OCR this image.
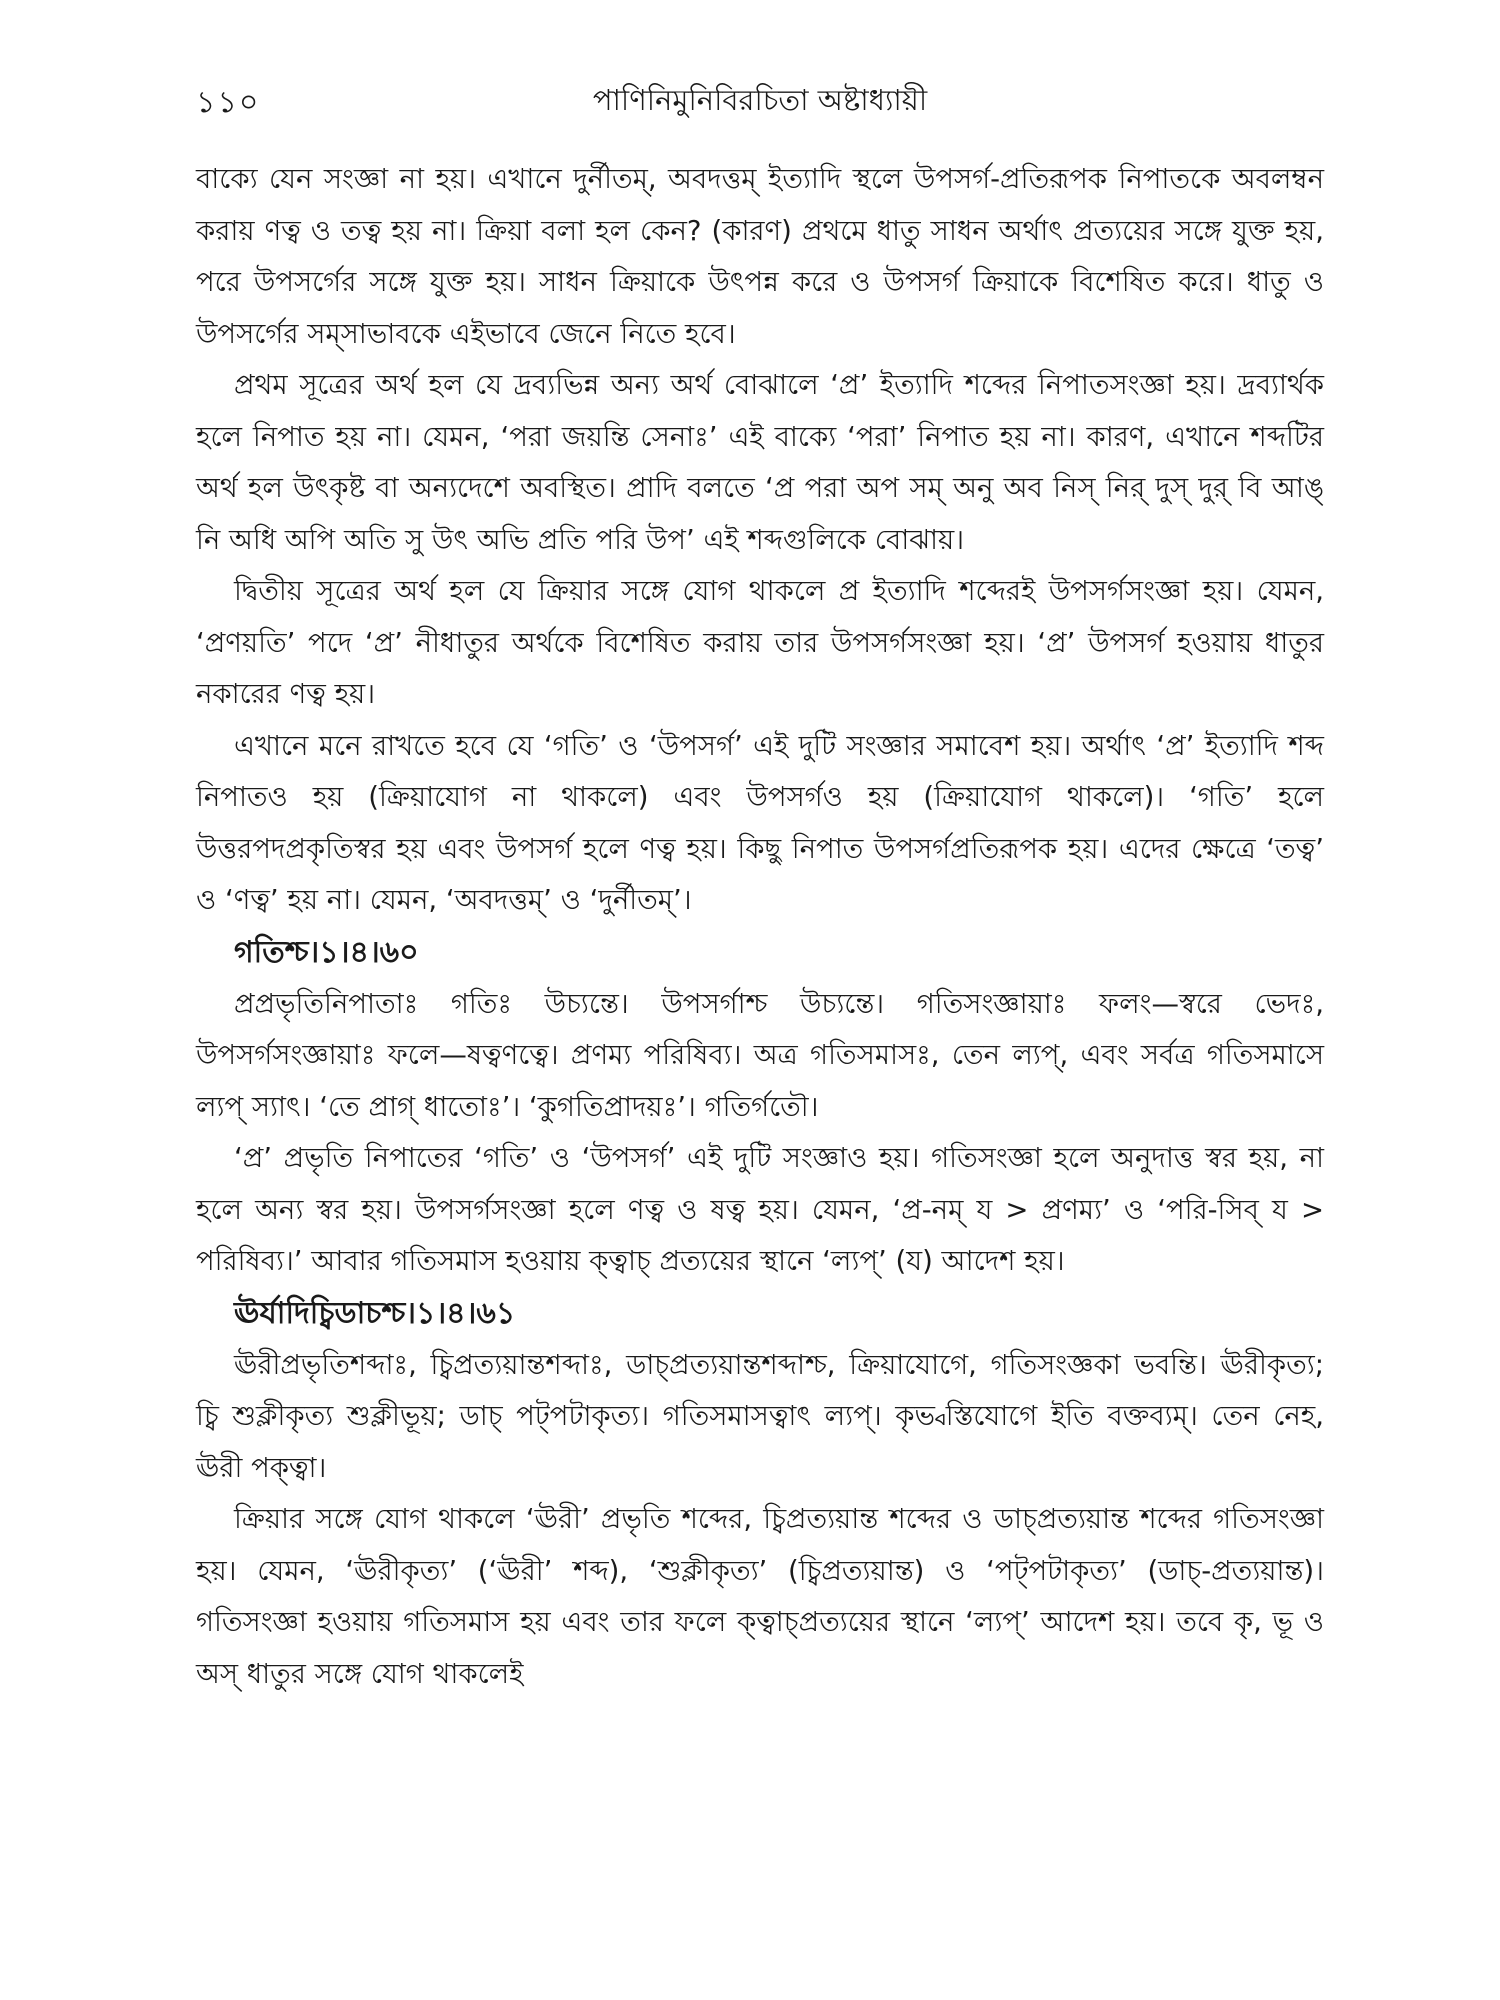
১১০	পাণিনিমুনিবিরচিতা অষ্টাধ্যায়ী

বাক্যে যেন সংজ্ঞা না হয়। এখানে দুর্নীতম্‌, অবদত্তম্‌ ইত্যাদি স্থলে উপসর্গ-প্রতিরূপক নিপাতকে অবলম্বন করায় ণত্ব ও তত্ব হয় না। ক্রিয়া বলা হল কেন? (কারণ) প্রথমে ধাতু সাধন অর্থাৎ প্রত্যয়ের সঙ্গে যুক্ত হয়, পরে উপসর্গের সঙ্গে যুক্ত হয়। সাধন ক্রিয়াকে উৎপন্ন করে ও উপসর্গ ক্রিয়াকে বিশেষিত করে। ধাতু ও উপসর্গের সম্সাভাবকে এইভাবে জেনে নিতে হবে।

প্রথম সূত্রের অর্থ হল যে দ্রব্যভিন্ন অন্য অর্থ বোঝালে ‘প্র’ ইত্যাদি শব্দের নিপাতসংজ্ঞা হয়। দ্রব্যার্থক হলে নিপাত হয় না। যেমন, ‘পরা জয়ন্তি সেনাঃ’ এই বাক্যে ‘পরা’ নিপাত হয় না। কারণ, এখানে শব্দটির অর্থ হল উৎকৃষ্ট বা অন্যদেশে অবস্থিত। প্রাদি বলতে ‘প্র পরা অপ সম্‌ অনু অব নিস্‌ নির্‌ দুস্‌ দুর্‌ বি আঙ্‌ নি অধি অপি অতি সু উৎ অভি প্রতি পরি উপ’ এই শব্দগুলিকে বোঝায়।

দ্বিতীয় সূত্রের অর্থ হল যে ক্রিয়ার সঙ্গে যোগ থাকলে প্র ইত্যাদি শব্দেরই উপসর্গসংজ্ঞা হয়। যেমন, ‘প্রণয়তি’ পদে ‘প্র’ নীধাতুর অর্থকে বিশেষিত করায় তার উপসর্গসংজ্ঞা হয়। ‘প্র’ উপসর্গ হওয়ায় ধাতুর নকারের ণত্ব হয়।

এখানে মনে রাখতে হবে যে ‘গতি’ ও ‘উপসর্গ’ এই দুটি সংজ্ঞার সমাবেশ হয়। অর্থাৎ ‘প্র’ ইত্যাদি শব্দ নিপাতও হয় (ক্রিয়াযোগ না থাকলে) এবং উপসর্গও হয় (ক্রিয়াযোগ থাকলে)। ‘গতি’ হলে উত্তরপদপ্রকৃতিস্বর হয় এবং উপসর্গ হলে ণত্ব হয়। কিছু নিপাত উপসর্গপ্রতিরূপক হয়। এদের ক্ষেত্রে ‘তত্ব’ ও ‘ণত্ব’ হয় না। যেমন, ‘অবদত্তম্‌’ ও ‘দুর্নীতম্‌’।

গতিশ্চ।১।৪।৬০

প্রপ্রভৃতিনিপাতাঃ গতিঃ উচ্যন্তে। উপসর্গাশ্চ উচ্যন্তে। গতিসংজ্ঞায়াঃ ফলং—স্বরে ভেদঃ, উপসর্গসংজ্ঞায়াঃ ফলে—ষত্বণত্বে। প্রণম্য পরিষিব্য। অত্র গতিসমাসঃ, তেন ল্যপ্‌, এবং সর্বত্র গতিসমাসে ল্যপ্‌ স্যাৎ। ‘তে প্রাগ্‌ ধাতোঃ’। ‘কুগতিপ্রাদয়ঃ’। গতির্গতৌ।

‘প্র’ প্রভৃতি নিপাতের ‘গতি’ ও ‘উপসর্গ’ এই দুটি সংজ্ঞাও হয়। গতিসংজ্ঞা হলে অনুদাত্ত স্বর হয়, না হলে অন্য স্বর হয়। উপসর্গসংজ্ঞা হলে ণত্ব ও ষত্ব হয়। যেমন, ‘প্র-নম্‌ য > প্রণম্য’ ও ‘পরি-সিব্‌ য > পরিষিব্য।’ আবার গতিসমাস হওয়ায় ক্ত্বাচ্‌ প্রত্যয়ের স্থানে ‘ল্যপ্‌’ (য) আদেশ হয়।

ঊর্যাদিচ্বিডাচশ্চ।১।৪।৬১

ঊরীপ্রভৃতিশব্দাঃ, চ্বিপ্রত্যয়ান্তশব্দাঃ, ডাচ্‌প্রত্যয়ান্তশব্দাশ্চ, ক্রিয়াযোগে, গতিসংজ্ঞকা ভবন্তি। ঊরীকৃত্য; চ্বি শুক্লীকৃত্য শুক্লীভূয়; ডাচ্‌ পট্‌পটাকৃত্য। গতিসমাসত্বাৎ ল্যপ্‌। কৃভ্বস্তিযোগে ইতি বক্তব্যম্‌। তেন নেহ, ঊরী পক্ত্বা।

ক্রিয়ার সঙ্গে যোগ থাকলে ‘ঊরী’ প্রভৃতি শব্দের, চ্বিপ্রত্যয়ান্ত শব্দের ও ডাচ্‌প্রত্যয়ান্ত শব্দের গতিসংজ্ঞা হয়। যেমন, ‘ঊরীকৃত্য’ (‘ঊরী’ শব্দ), ‘শুক্লীকৃত্য’ (চ্বিপ্রত্যয়ান্ত) ও ‘পট্‌পটাকৃত্য’ (ডাচ্‌-প্রত্যয়ান্ত)। গতিসংজ্ঞা হওয়ায় গতিসমাস হয় এবং তার ফলে ক্ত্বাচ্‌প্রত্যয়ের স্থানে ‘ল্যপ্‌’ আদেশ হয়। তবে কৃ, ভূ ও অস্‌ ধাতুর সঙ্গে যোগ থাকলেই
